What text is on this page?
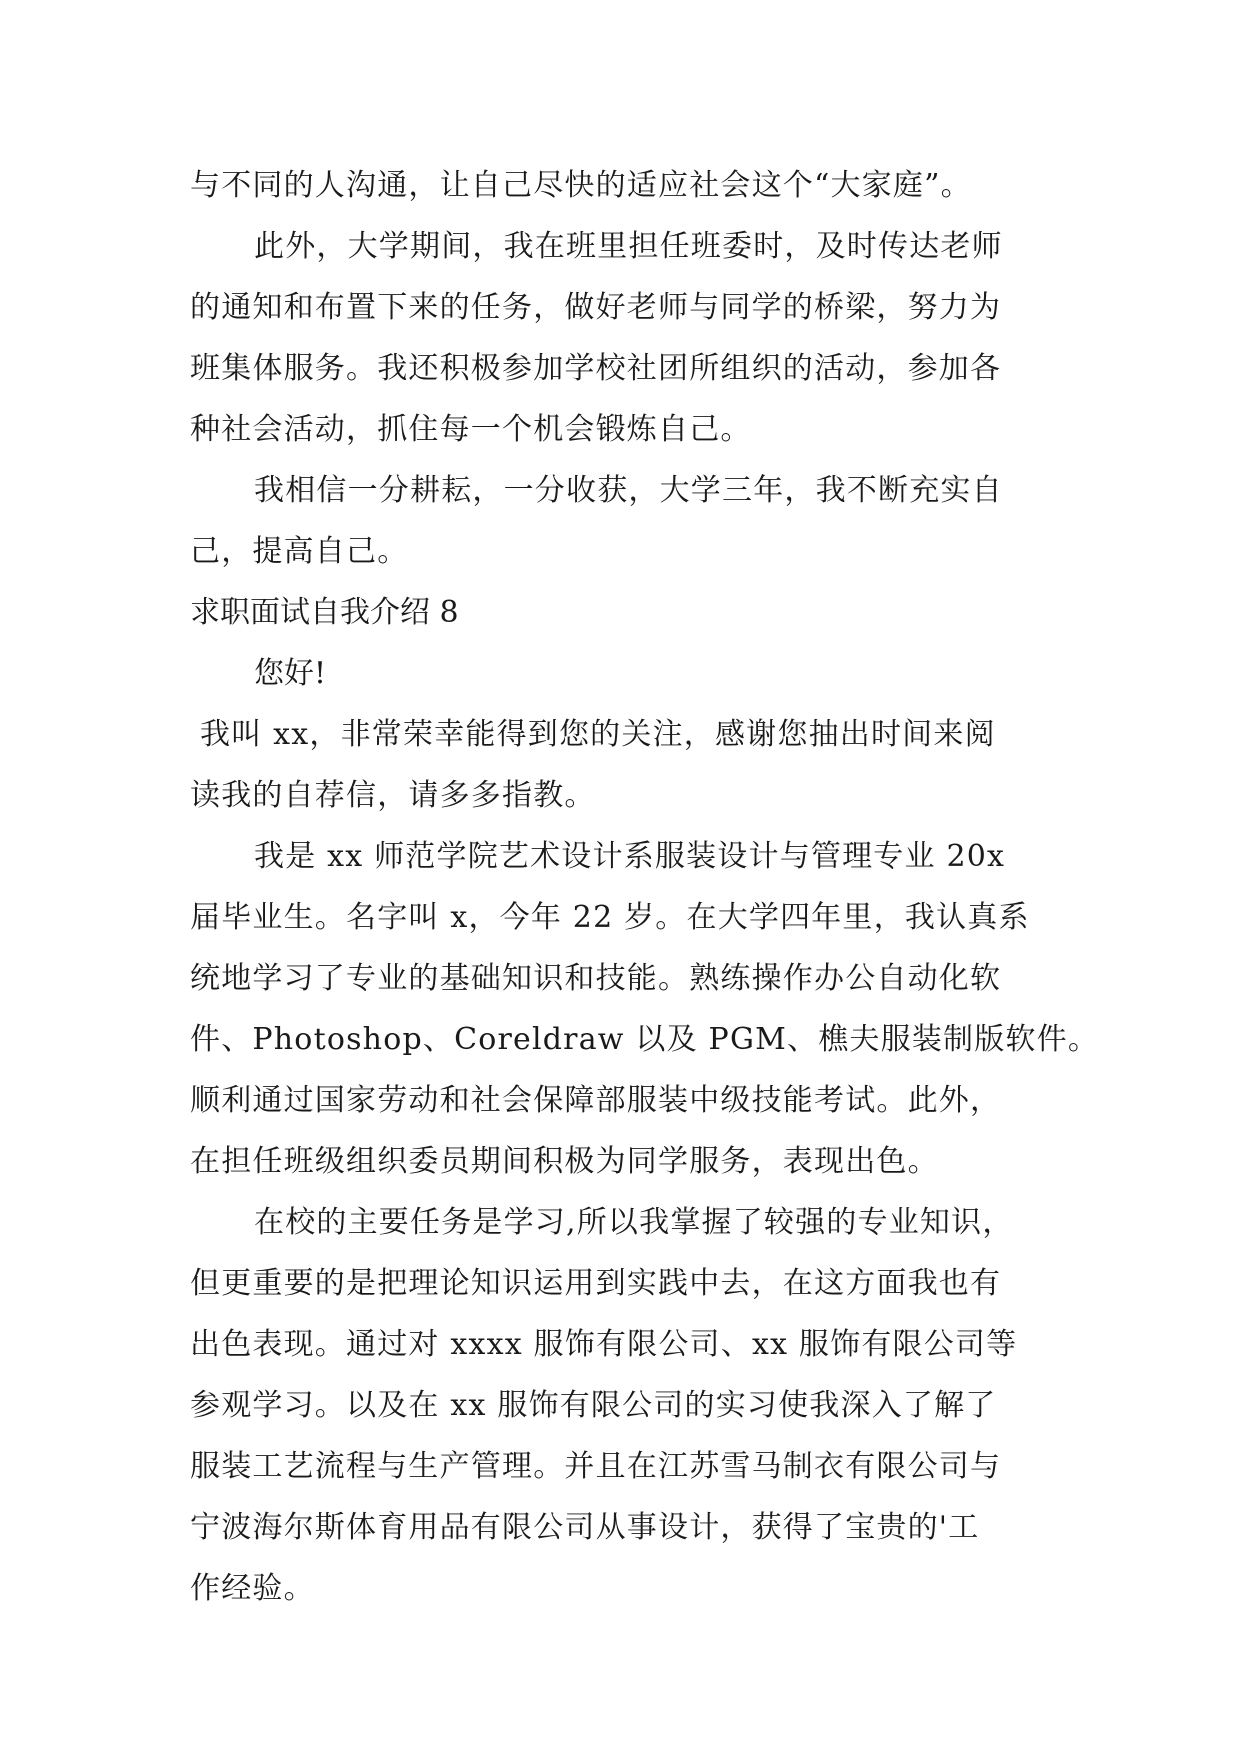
与不同的人沟通，让自己尽快的适应社会这个“大家庭”。
此外，大学期间，我在班里担任班委时，及时传达老师
的通知和布置下来的任务，做好老师与同学的桥梁，努力为
班集体服务。我还积极参加学校社团所组织的活动，参加各
种社会活动，抓住每一个机会锻炼自己。
我相信一分耕耘，一分收获，大学三年，我不断充实自
己，提高自己。
求职面试自我介绍 8
您好!
我叫 xx，非常荣幸能得到您的关注，感谢您抽出时间来阅
读我的自荐信，请多多指教。
我是 xx 师范学院艺术设计系服装设计与管理专业 20x
届毕业生。名字叫 x，今年 22 岁。在大学四年里，我认真系
统地学习了专业的基础知识和技能。熟练操作办公自动化软
件、Photoshop、Coreldraw 以及 PGM、樵夫服装制版软件。
顺利通过国家劳动和社会保障部服装中级技能考试。此外，
在担任班级组织委员期间积极为同学服务，表现出色。
在校的主要任务是学习,所以我掌握了较强的专业知识，
但更重要的是把理论知识运用到实践中去，在这方面我也有
出色表现。通过对 xxxx 服饰有限公司、xx 服饰有限公司等
参观学习。以及在 xx 服饰有限公司的实习使我深入了解了
服装工艺流程与生产管理。并且在江苏雪马制衣有限公司与
宁波海尔斯体育用品有限公司从事设计，获得了宝贵的'工
作经验。
